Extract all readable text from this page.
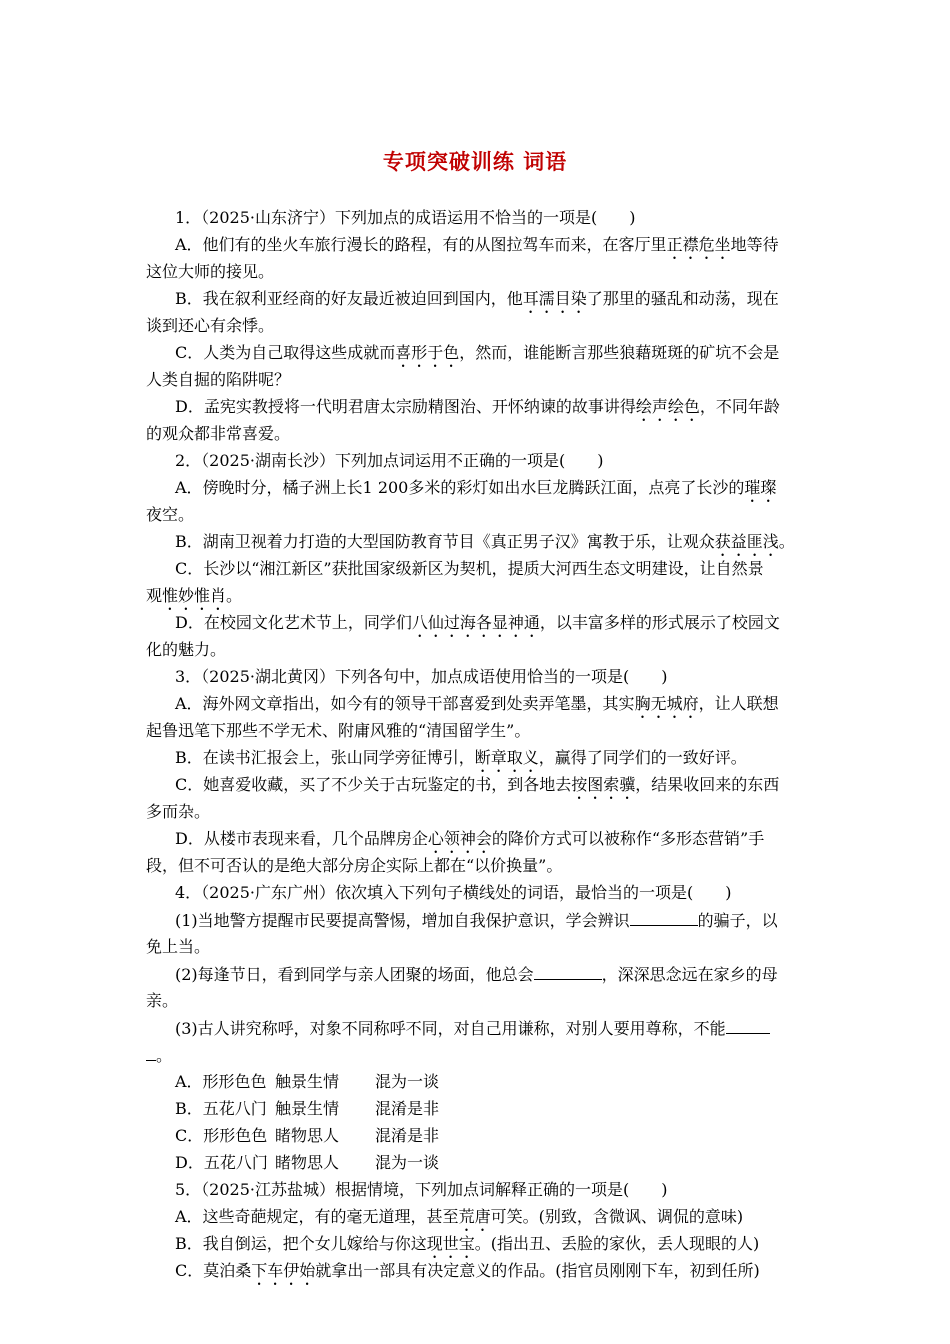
专项突破训练 词语
1．（2025·山东济宁）下列加点的成语运用不恰当的一项是(　　)
A．他们有的坐火车旅行漫长的路程，有的从图拉驾车而来，在客厅里正襟危坐地等待
这位大师的接见。
B．我在叙利亚经商的好友最近被迫回到国内，他耳濡目染了那里的骚乱和动荡，现在
谈到还心有余悸。
C．人类为自己取得这些成就而喜形于色，然而，谁能断言那些狼藉斑斑的矿坑不会是
人类自掘的陷阱呢？
D．孟宪实教授将一代明君唐太宗励精图治、开怀纳谏的故事讲得绘声绘色，不同年龄
的观众都非常喜爱。
2．（2025·湖南长沙）下列加点词运用不正确的一项是(　　)
A．傍晚时分，橘子洲上长1 200多米的彩灯如出水巨龙腾跃江面，点亮了长沙的璀璨
夜空。
B．湖南卫视着力打造的大型国防教育节目《真正男子汉》寓教于乐，让观众获益匪浅。
C．长沙以“湘江新区”获批国家级新区为契机，提质大河西生态文明建设，让自然景
观惟妙惟肖。
D．在校园文化艺术节上，同学们八仙过海各显神通，以丰富多样的形式展示了校园文
化的魅力。
3．（2025·湖北黄冈）下列各句中，加点成语使用恰当的一项是(　　)
A．海外网文章指出，如今有的领导干部喜爱到处卖弄笔墨，其实胸无城府，让人联想
起鲁迅笔下那些不学无术、附庸风雅的“清国留学生”。
B．在读书汇报会上，张山同学旁征博引，断章取义，赢得了同学们的一致好评。
C．她喜爱收藏，买了不少关于古玩鉴定的书，到各地去按图索骥，结果收回来的东西
多而杂。
D．从楼市表现来看，几个品牌房企心领神会的降价方式可以被称作“多形态营销”手
段，但不可否认的是绝大部分房企实际上都在“以价换量”。
4．（2025·广东广州）依次填入下列句子横线处的词语，最恰当的一项是(　　)
(1)当地警方提醒市民要提高警惕，增加自我保护意识，学会辨识	的骗子，以
免上当。
(2)每逢节日，看到同学与亲人团聚的场面，他总会	，深深思念远在家乡的母
亲。
(3)古人讲究称呼，对象不同称呼不同，对自己用谦称，对别人要用尊称，不能
。
A．形形色色 触景生情 混为一谈
B．五花八门 触景生情 混淆是非
C．形形色色 睹物思人 混淆是非
D．五花八门 睹物思人 混为一谈
5．（2025·江苏盐城）根据情境，下列加点词解释正确的一项是(　　)
A．这些奇葩规定，有的毫无道理，甚至荒唐可笑。(别致，含微讽、调侃的意味)
B．我自倒运，把个女儿嫁给与你这现世宝。(指出丑、丢脸的家伙，丢人现眼的人)
C．莫泊桑下车伊始就拿出一部具有决定意义的作品。(指官员刚刚下车，初到任所)
